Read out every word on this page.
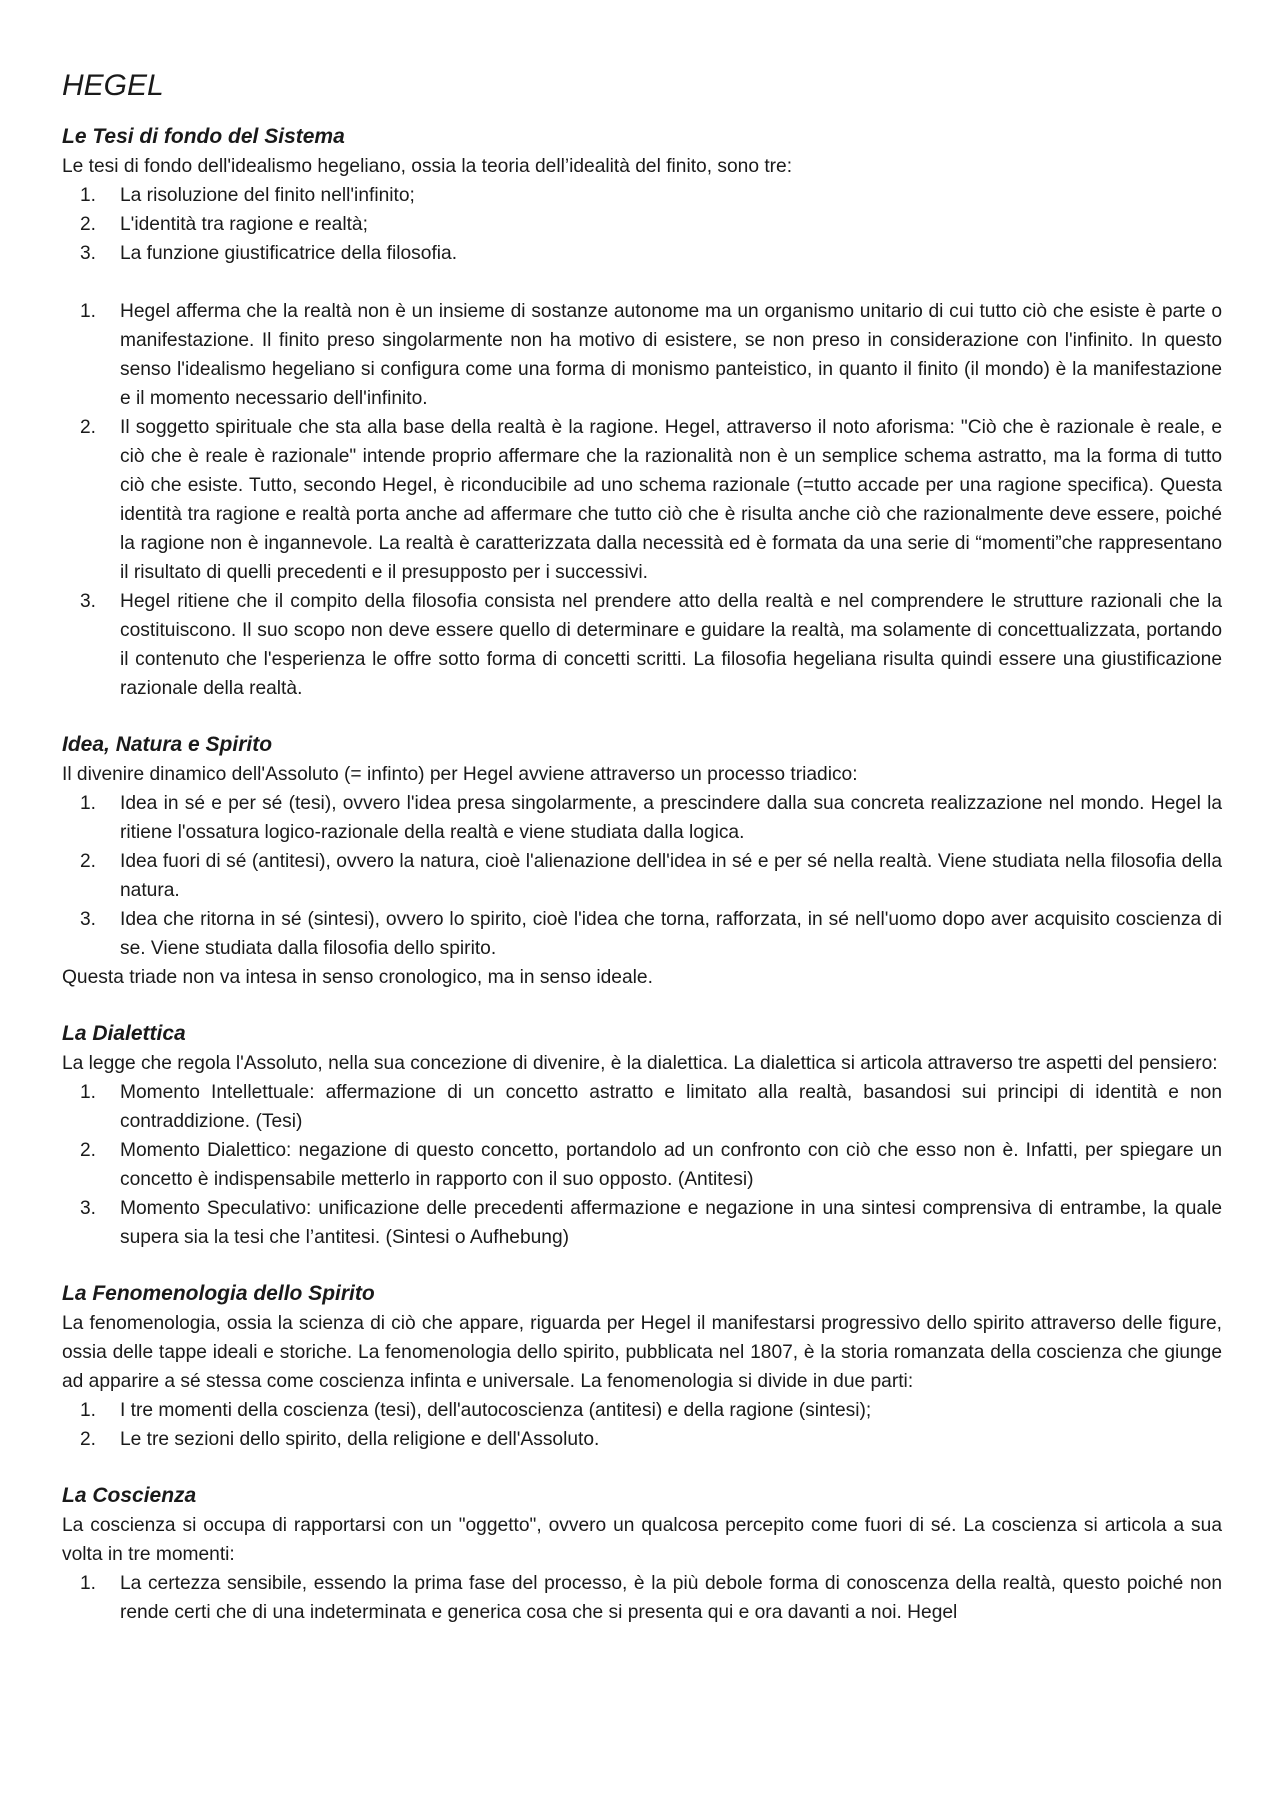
HEGEL
Le Tesi di fondo del Sistema

Le tesi di fondo dell'idealismo hegeliano, ossia la teoria dell’idealità del finito, sono tre:

1.	La risoluzione del finito nell'infinito;
2.	L'identità tra ragione e realtà;
3.	La funzione giustificatrice della filosofia.
1.	Hegel afferma che la realtà non è un insieme di sostanze autonome ma un organismo unitario di cui tutto ciò che esiste è parte o manifestazione. Il finito preso singolarmente non ha motivo di esistere, se non preso in considerazione con l'infinito. In questo senso l'idealismo hegeliano si configura come una forma di monismo panteistico, in quanto il finito (il mondo) è la manifestazione e il momento necessario dell'infinito.
2.	Il soggetto spirituale che sta alla base della realtà è la ragione. Hegel, attraverso il noto aforisma: "Ciò che è razionale è reale, e ciò che è reale è razionale" intende proprio affermare che la razionalità non è un semplice schema astratto, ma la forma di tutto ciò che esiste. Tutto, secondo Hegel, è riconducibile ad uno schema razionale (=tutto accade per una ragione specifica). Questa identità tra ragione e realtà porta anche ad affermare che tutto ciò che è risulta anche ciò che razionalmente deve essere, poiché la ragione non è ingannevole. La realtà è caratterizzata dalla necessità ed è formata da una serie di “momenti”che rappresentano il risultato di quelli precedenti e il presupposto per i successivi.
3.	Hegel ritiene che il compito della filosofia consista nel prendere atto della realtà e nel comprendere le strutture razionali che la costituiscono. Il suo scopo non deve essere quello di determinare e guidare la realtà, ma solamente di concettualizzata, portando il contenuto che l'esperienza le offre sotto forma di concetti scritti. La filosofia hegeliana risulta quindi essere una giustificazione razionale della realtà.
Idea, Natura e Spirito

Il divenire dinamico dell'Assoluto (= infinto) per Hegel avviene attraverso un processo triadico:

1.	Idea in sé e per sé (tesi), ovvero l'idea presa singolarmente, a prescindere dalla sua concreta realizzazione nel mondo. Hegel la ritiene l'ossatura logico-razionale della realtà e viene studiata dalla logica.
2.	Idea fuori di sé (antitesi), ovvero la natura, cioè l'alienazione dell'idea in sé e per sé nella realtà. Viene studiata nella filosofia della natura.
3.	Idea che ritorna in sé (sintesi), ovvero lo spirito, cioè l'idea che torna, rafforzata, in sé nell'uomo dopo aver acquisito coscienza di se. Viene studiata dalla filosofia dello spirito.

Questa triade non va intesa in senso cronologico, ma in senso ideale.

La Dialettica

La legge che regola l'Assoluto, nella sua concezione di divenire, è la dialettica. La dialettica si articola attraverso tre aspetti del pensiero:

1.	Momento Intellettuale: affermazione di un concetto astratto e limitato alla realtà, basandosi sui principi di identità e non contraddizione. (Tesi)
2.	Momento Dialettico: negazione di questo concetto, portandolo ad un confronto con ciò che esso non è. Infatti, per spiegare un concetto è indispensabile metterlo in rapporto con il suo opposto. (Antitesi)
3.	Momento Speculativo: unificazione delle precedenti affermazione e negazione in una sintesi comprensiva di entrambe, la quale supera sia la tesi che l’antitesi. (Sintesi o Aufhebung)
La Fenomenologia dello Spirito

La fenomenologia, ossia la scienza di ciò che appare, riguarda per Hegel il manifestarsi progressivo dello spirito attraverso delle figure, ossia delle tappe ideali e storiche. La fenomenologia dello spirito, pubblicata nel 1807, è la storia romanzata della coscienza che giunge ad apparire a sé stessa come coscienza infinta e universale. La fenomenologia si divide in due parti:

1.	I tre momenti della coscienza (tesi), dell'autocoscienza (antitesi) e della ragione (sintesi);
2.	Le tre sezioni dello spirito, della religione e dell'Assoluto.
La Coscienza

La coscienza si occupa di rapportarsi con un "oggetto", ovvero un qualcosa percepito come fuori di sé. La coscienza si articola a sua volta in tre momenti:

1.	La certezza sensibile, essendo la prima fase del processo, è la più debole forma di conoscenza della realtà, questo poiché non rende certi che di una indeterminata e generica cosa che si presenta qui e ora davanti a noi. Hegel
